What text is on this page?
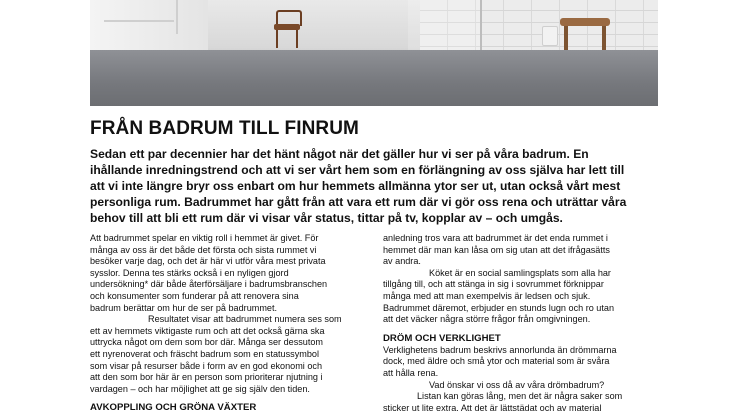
FRÅN BADRUM TILL FINRUM

Sedan ett par decennier har det hänt något när det gäller hur vi ser på våra badrum. En
ihållande inredningstrend och att vi ser vårt hem som en förlängning av oss själva har lett till
att vi inte längre bryr oss enbart om hur hemmets allmänna ytor ser ut, utan också vårt mest
personliga rum. Badrummet har gått från att vara ett rum där vi gör oss rena och uträttar våra
behov till att bli ett rum där vi visar vår status, tittar på tv, kopplar av – och umgås.

Att badrummet spelar en viktig roll i hemmet är givet. För
många av oss är det både det första och sista rummet vi
besöker varje dag, och det är här vi utför våra mest privata
sysslor. Denna tes stärks också i en nyligen gjord
undersökning* där både återförsäljare i badrumsbranschen
och konsumenter som funderar på att renovera sina
badrum berättar om hur de ser på badrummet.

Resultatet visar att badrummet numera ses som
ett av hemmets viktigaste rum och att det också gärna ska
uttrycka något om dem som bor där. Många ser dessutom
ett nyrenoverat och fräscht badrum som en statussymbol
som visar på resurser både i form av en god ekonomi och
att den som bor här är en person som prioriterar njutning i
vardagen – och har möjlighet att ge sig själv den tiden.

AVKOPPLING OCH GRÖNA VÄXTER

anledning tros vara att badrummet är det enda rummet i
hemmet där man kan låsa om sig utan att det ifrågasätts
av andra.

Köket är en social samlingsplats som alla har
tillgång till, och att stänga in sig i sovrummet förknippar
många med att man exempelvis är ledsen och sjuk.
Badrummet däremot, erbjuder en stunds lugn och ro utan
att det väcker några större frågor från omgivningen.

DRÖM OCH VERKLIGHET

Verklighetens badrum beskrivs annorlunda än drömmarna
dock, med äldre och små ytor och material som är svåra
att hålla rena.

Vad önskar vi oss då av våra drömbadrum?
Listan kan göras lång, men det är några saker som
sticker ut lite extra. Att det är lättstädat och av material
